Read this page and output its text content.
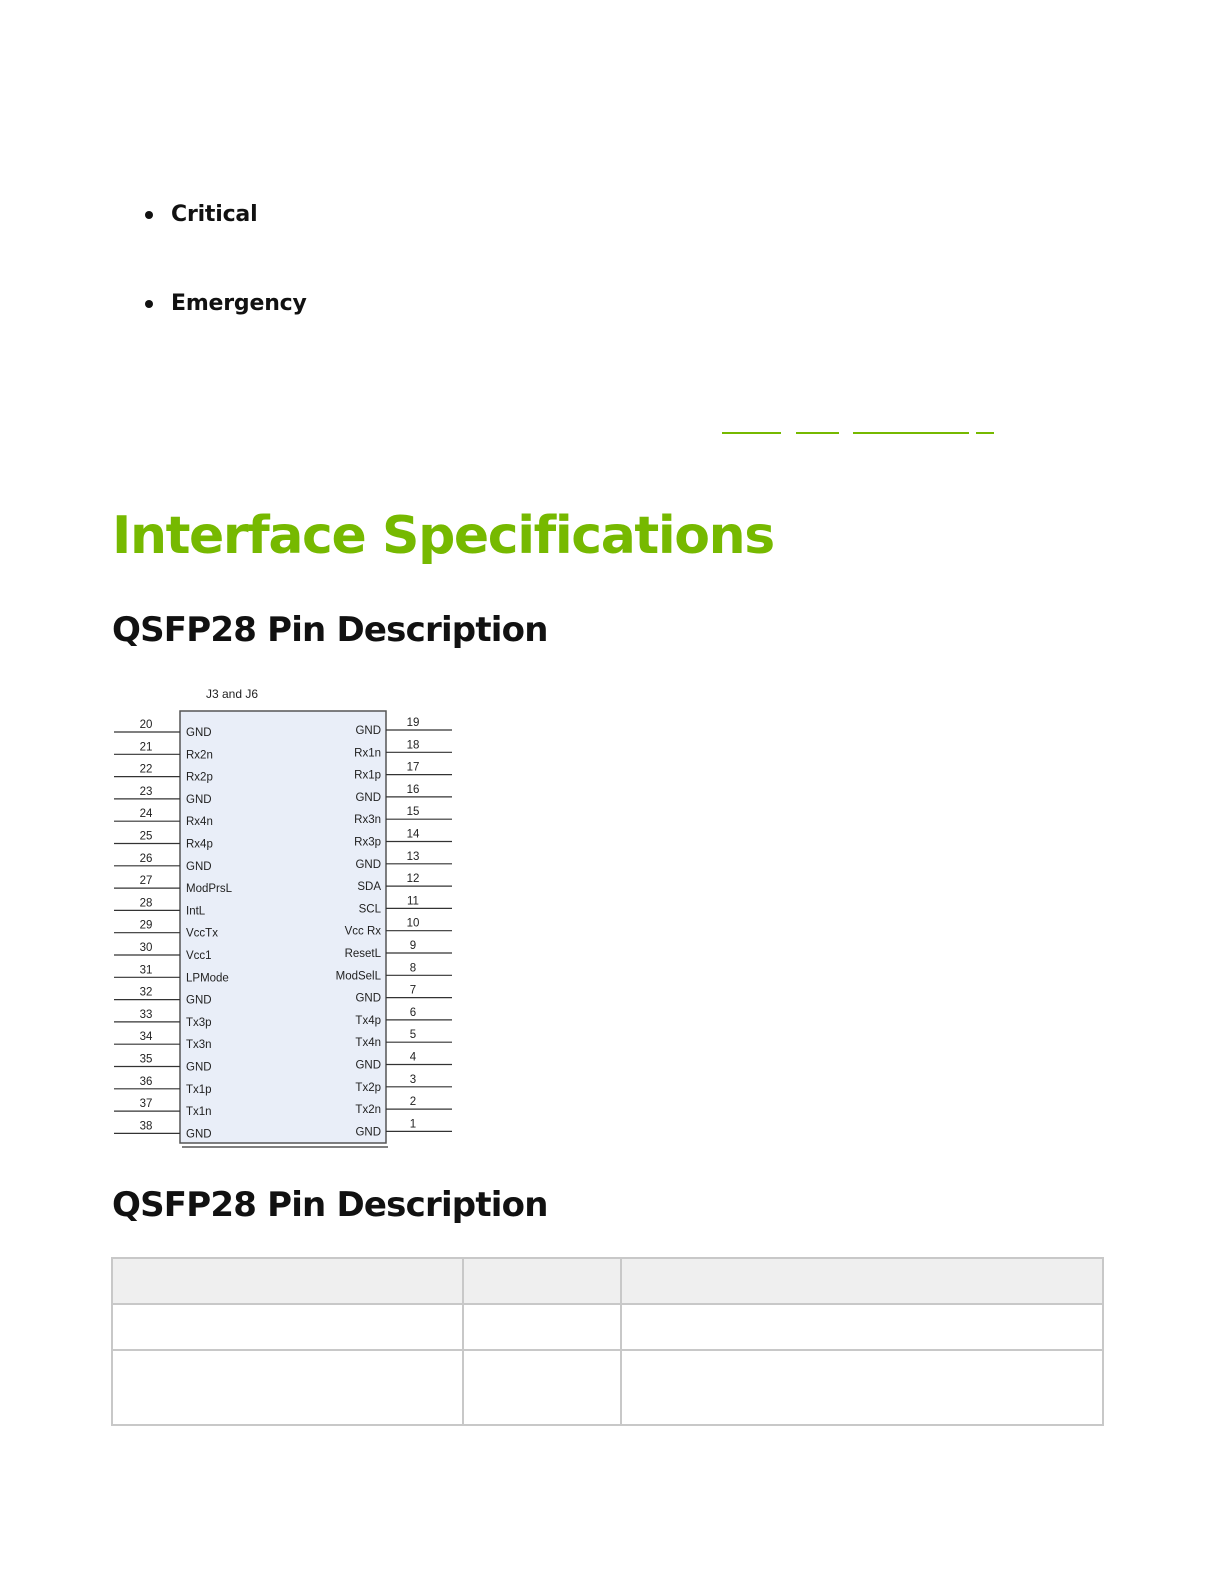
Critical
Emergency
Interface Specifications
QSFP28 Pin Description
J3 and J6
20
GND
21
Rx2n
22
Rx2p
23
GND
24
Rx4n
25
Rx4p
26
GND
27
ModPrsL
28
IntL
29
VccTx
30
Vcc1
31
LPMode
32
GND
33
Tx3p
34
Tx3n
35
GND
36
Tx1p
37
Tx1n
38
GND
19
GND
18
Rx1n
17
Rx1p
16
GND
15
Rx3n
14
Rx3p
13
GND
12
SDA
11
SCL
10
Vcc Rx
9
ResetL
8
ModSelL
7
GND
6
Tx4p
5
Tx4n
4
GND
3
Tx2p
2
Tx2n
1
GND
QSFP28 Pin Description
